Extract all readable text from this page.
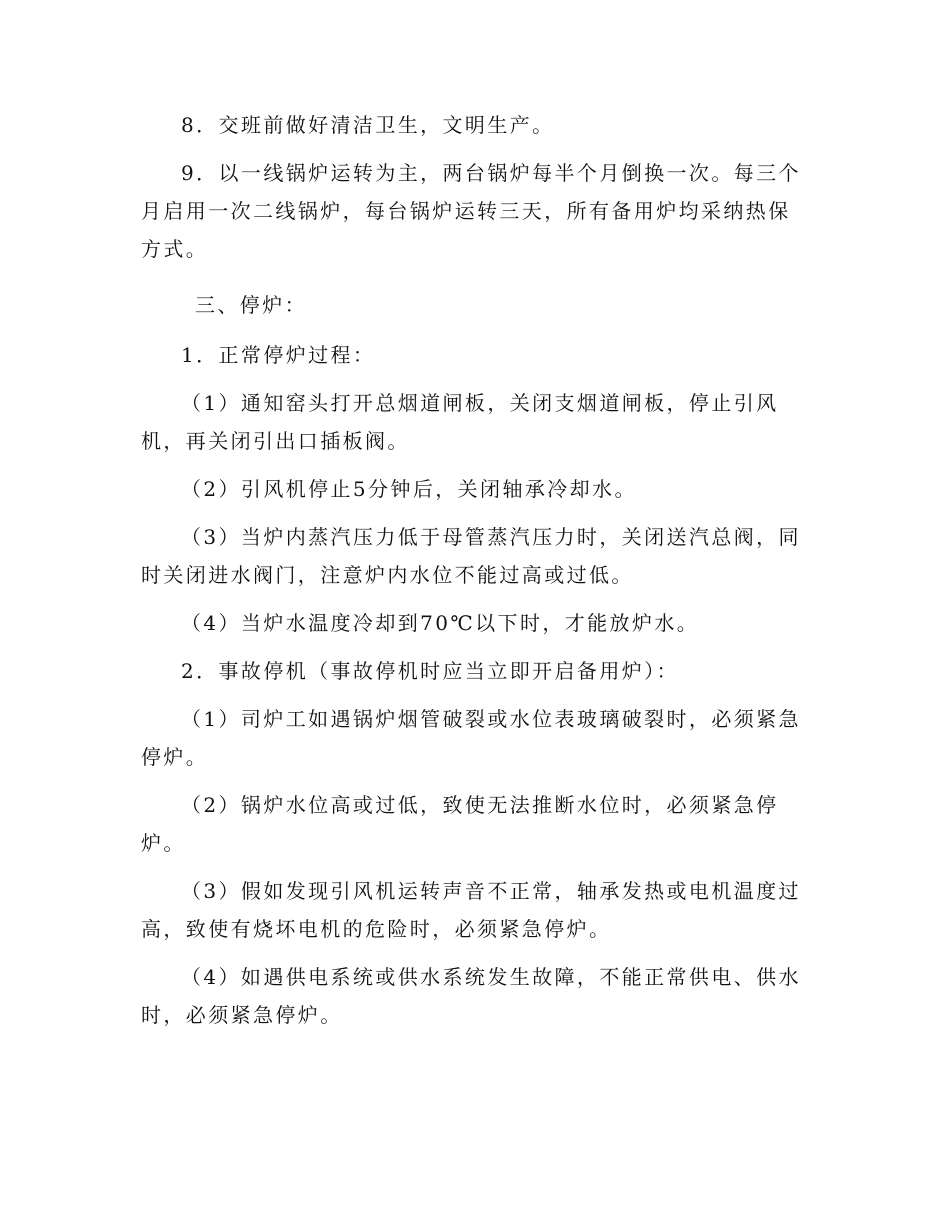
8．交班前做好清洁卫生，文明生产。

9．以一线锅炉运转为主，两台锅炉每半个月倒换一次。每三个月启用一次二线锅炉，每台锅炉运转三天，所有备用炉均采纳热保方式。

三、停炉：

1．正常停炉过程：

（1）通知窑头打开总烟道闸板，关闭支烟道闸板，停止引风机，再关闭引出口插板阀。

（2）引风机停止5分钟后，关闭轴承冷却水。

（3）当炉内蒸汽压力低于母管蒸汽压力时，关闭送汽总阀，同时关闭进水阀门，注意炉内水位不能过高或过低。

（4）当炉水温度冷却到70℃以下时，才能放炉水。

2．事故停机（事故停机时应当立即开启备用炉）：

（1）司炉工如遇锅炉烟管破裂或水位表玻璃破裂时，必须紧急停炉。

（2）锅炉水位高或过低，致使无法推断水位时，必须紧急停炉。

（3）假如发现引风机运转声音不正常，轴承发热或电机温度过高，致使有烧坏电机的危险时，必须紧急停炉。

（4）如遇供电系统或供水系统发生故障，不能正常供电、供水时，必须紧急停炉。
